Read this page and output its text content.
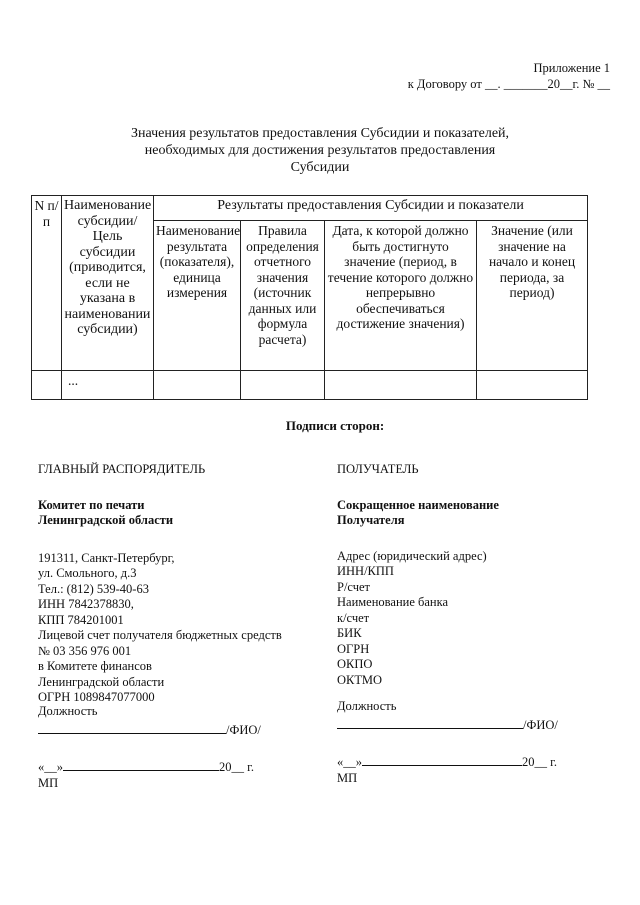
Приложение 1
к Договору от __. _______20__г. № __
Значения результатов предоставления Субсидии и показателей,
необходимых для достижения результатов предоставления
Субсидии
N п/п	Наименование субсидии/Цель субсидии (приводится, если не указана в наименовании субсидии)	Результаты предоставления Субсидии и показатели			
		Наименование результата (показателя), единица измерения	Правила определения отчетного значения (источник данных или формула расчета)	Дата, к которой должно быть достигнуто значение (период, в течение которого должно непрерывно обеспечиваться достижение значения)	Значение (или значение на начало и конец периода, за период)
	...				
Подписи сторон:
ГЛАВНЫЙ РАСПОРЯДИТЕЛЬ
Комитет по печати
Ленинградской области
191311, Санкт-Петербург,
ул. Смольного, д.3
Тел.: (812) 539-40-63
ИНН 7842378830,
КПП 784201001
Лицевой счет получателя бюджетных средств
№ 03 356 976 001
в Комитете финансов
Ленинградской области
ОГРН 1089847077000
Должность
/ФИО/
«__»	20__ г.
МП
ПОЛУЧАТЕЛЬ
Сокращенное наименование
Получателя
Адрес (юридический адрес)
ИНН/КПП
Р/счет
Наименование банка
к/счет
БИК
ОГРН
ОКПО
ОКТМО
Должность
/ФИО/
«__»	20__ г.
МП
